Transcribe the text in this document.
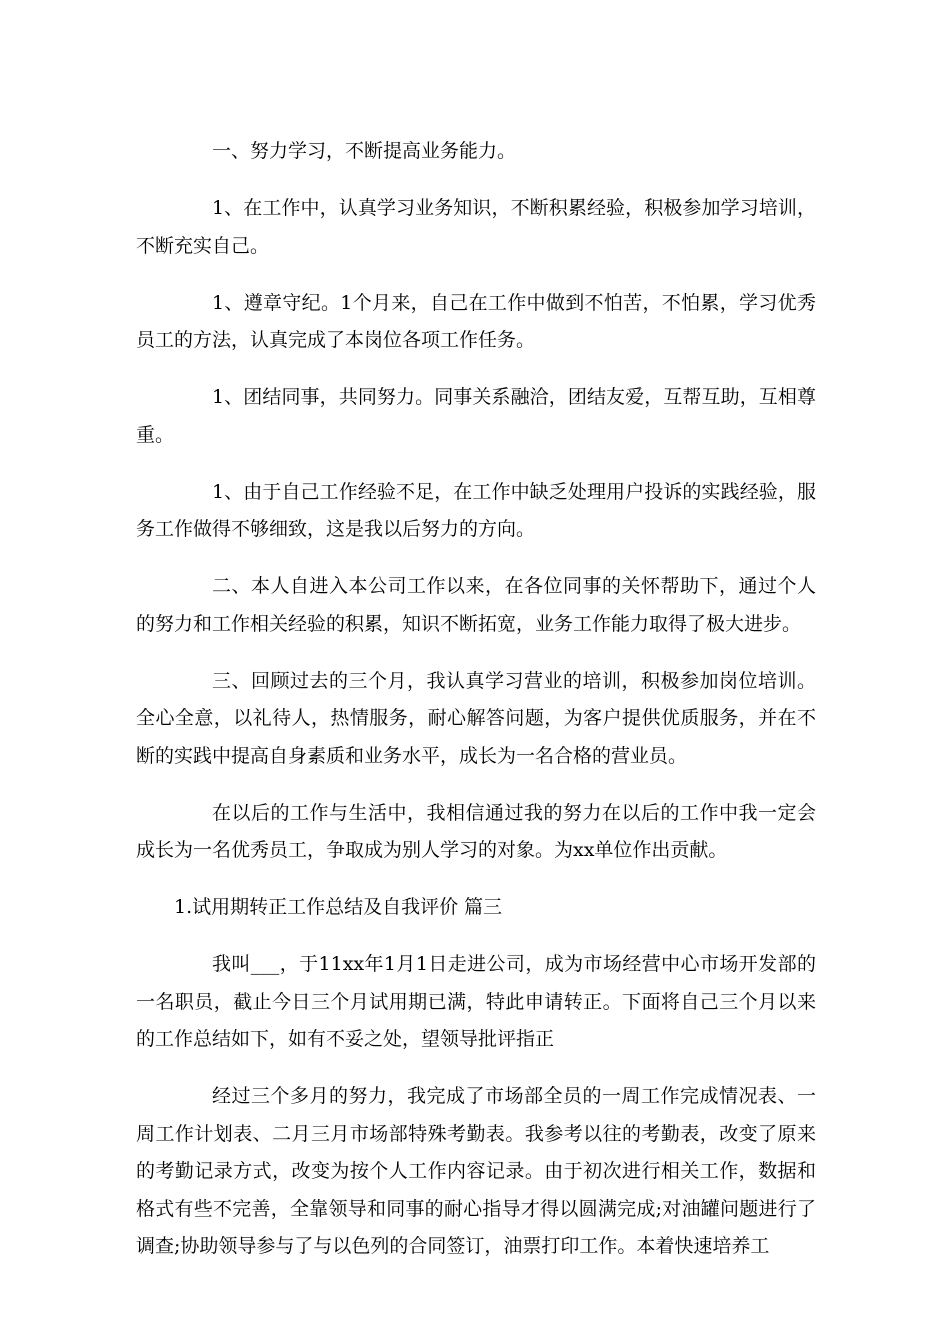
一、努力学习，不断提高业务能力。

1、在工作中，认真学习业务知识，不断积累经验，积极参加学习培训，不断充实自己。

1、遵章守纪。1个月来，自己在工作中做到不怕苦，不怕累，学习优秀员工的方法，认真完成了本岗位各项工作任务。

1、团结同事，共同努力。同事关系融洽，团结友爱，互帮互助，互相尊重。

1、由于自己工作经验不足，在工作中缺乏处理用户投诉的实践经验，服务工作做得不够细致，这是我以后努力的方向。

二、本人自进入本公司工作以来，在各位同事的关怀帮助下，通过个人的努力和工作相关经验的积累，知识不断拓宽，业务工作能力取得了极大进步。

三、回顾过去的三个月，我认真学习营业的培训，积极参加岗位培训。全心全意，以礼待人，热情服务，耐心解答问题，为客户提供优质服务，并在不断的实践中提高自身素质和业务水平，成长为一名合格的营业员。

在以后的工作与生活中，我相信通过我的努力在以后的工作中我一定会成长为一名优秀员工，争取成为别人学习的对象。为xx单位作出贡献。

1.试用期转正工作总结及自我评价 篇三

我叫___，于11xx年1月1日走进公司，成为市场经营中心市场开发部的一名职员，截止今日三个月试用期已满，特此申请转正。下面将自己三个月以来的工作总结如下，如有不妥之处，望领导批评指正

经过三个多月的努力，我完成了市场部全员的一周工作完成情况表、一周工作计划表、二月三月市场部特殊考勤表。我参考以往的考勤表，改变了原来的考勤记录方式，改变为按个人工作内容记录。由于初次进行相关工作，数据和格式有些不完善，全靠领导和同事的耐心指导才得以圆满完成;对油罐问题进行了调查;协助领导参与了与以色列的合同签订，油票打印工作。本着快速培养工
